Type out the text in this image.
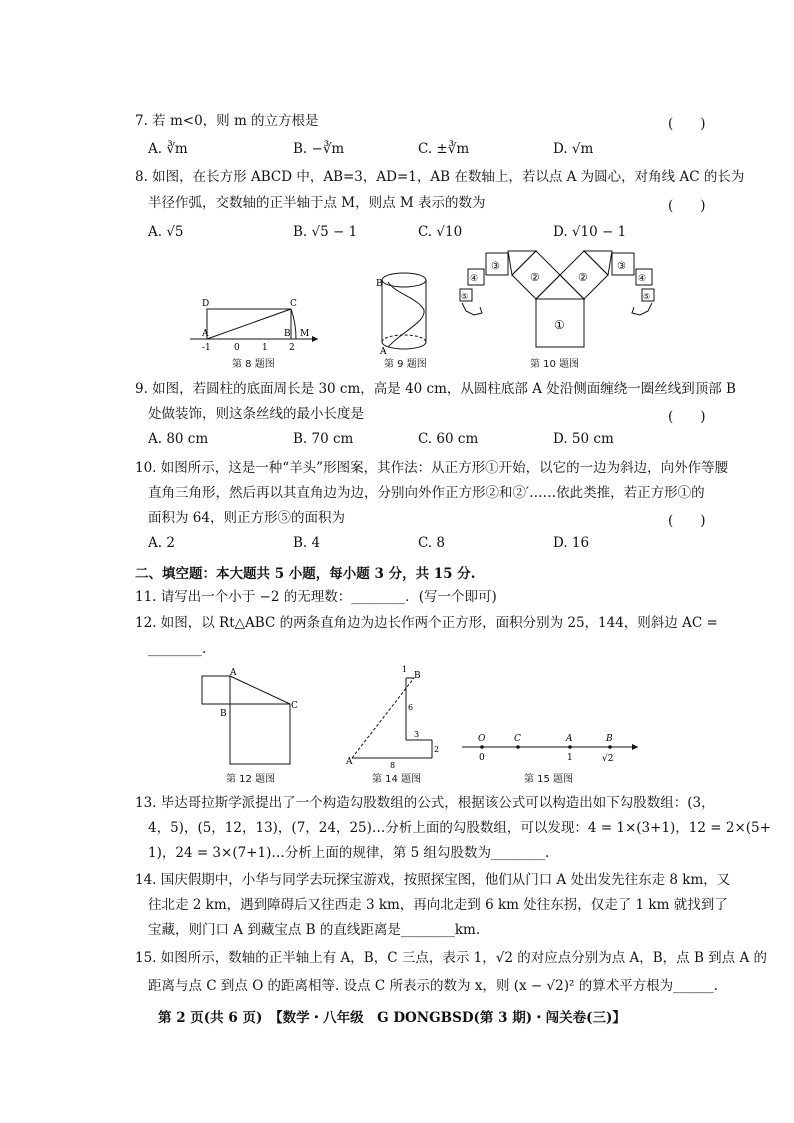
7. 若 m<0，则 m 的立方根是	(　　)
A. ∛m	B. −∛m	C. ±∛m	D. √m
8. 如图，在长方形 ABCD 中，AB=3，AD=1，AB 在数轴上，若以点 A 为圆心，对角线 AC 的长为
半径作弧，交数轴的正半轴于点 M，则点 M 表示的数为	(　　)
A. √5	B. √5 − 1	C. √10	D. √10 − 1
D	C
A	B M
-1	0 1 2
第 8 题图
B
A
第 9 题图
①
②	②
③	③
④	④
⑤	⑤
第 10 题图
9. 如图，若圆柱的底面周长是 30 cm，高是 40 cm，从圆柱底部 A 处沿侧面缠绕一圈丝线到顶部 B
处做装饰，则这条丝线的最小长度是	(　　)
A. 80 cm	B. 70 cm	C. 60 cm	D. 50 cm
10. 如图所示，这是一种“羊头”形图案，其作法：从正方形①开始，以它的一边为斜边，向外作等腰
直角三角形，然后再以其直角边为边，分别向外作正方形②和②′……依此类推，若正方形①的
面积为 64，则正方形⑤的面积为	(　　)
A. 2	B. 4	C. 8	D. 16
二、填空题：本大题共 5 小题，每小题 3 分，共 15 分.
11. 请写出一个小于 −2 的无理数：________．(写一个即可)
12. 如图，以 Rt△ABC 的两条直角边为边长作两个正方形，面积分别为 25，144，则斜边 AC =
________.
A
B
C
第 12 题图
A
B
1
6
3
2
8
第 14 题图
O	C	A	B
0	1	√2
第 15 题图
13. 毕达哥拉斯学派提出了一个构造勾股数组的公式，根据该公式可以构造出如下勾股数组：(3，
4，5)，(5，12，13)，(7，24，25)…分析上面的勾股数组，可以发现：4 = 1×(3+1)，12 = 2×(5+
1)，24 = 3×(7+1)…分析上面的规律，第 5 组勾股数为________.
14. 国庆假期中，小华与同学去玩探宝游戏，按照探宝图，他们从门口 A 处出发先往东走 8 km，又
往北走 2 km，遇到障碍后又往西走 3 km，再向北走到 6 km 处往东拐，仅走了 1 km 就找到了
宝藏，则门口 A 到藏宝点 B 的直线距离是________km.
15. 如图所示，数轴的正半轴上有 A，B，C 三点，表示 1，√2 的对应点分别为点 A，B，点 B 到点 A 的
距离与点 C 到点 O 的距离相等. 设点 C 所表示的数为 x，则 (x − √2)² 的算术平方根为______.
第 2 页(共 6 页)　【数学・八年级　G DONGBSD(第 3 期)・闯关卷(三)】
